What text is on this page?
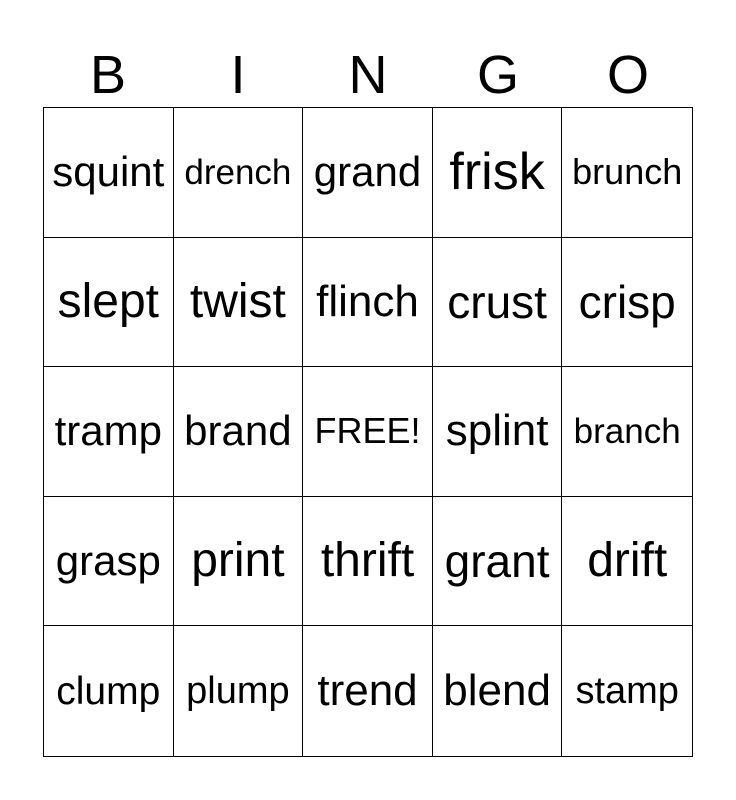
B	I	N	G	O
squint drench grand frisk brunch
slept twist flinch crust crisp
tramp brand FREE! splint branch
grasp print thrift grant drift
clump plump trend blend stamp
